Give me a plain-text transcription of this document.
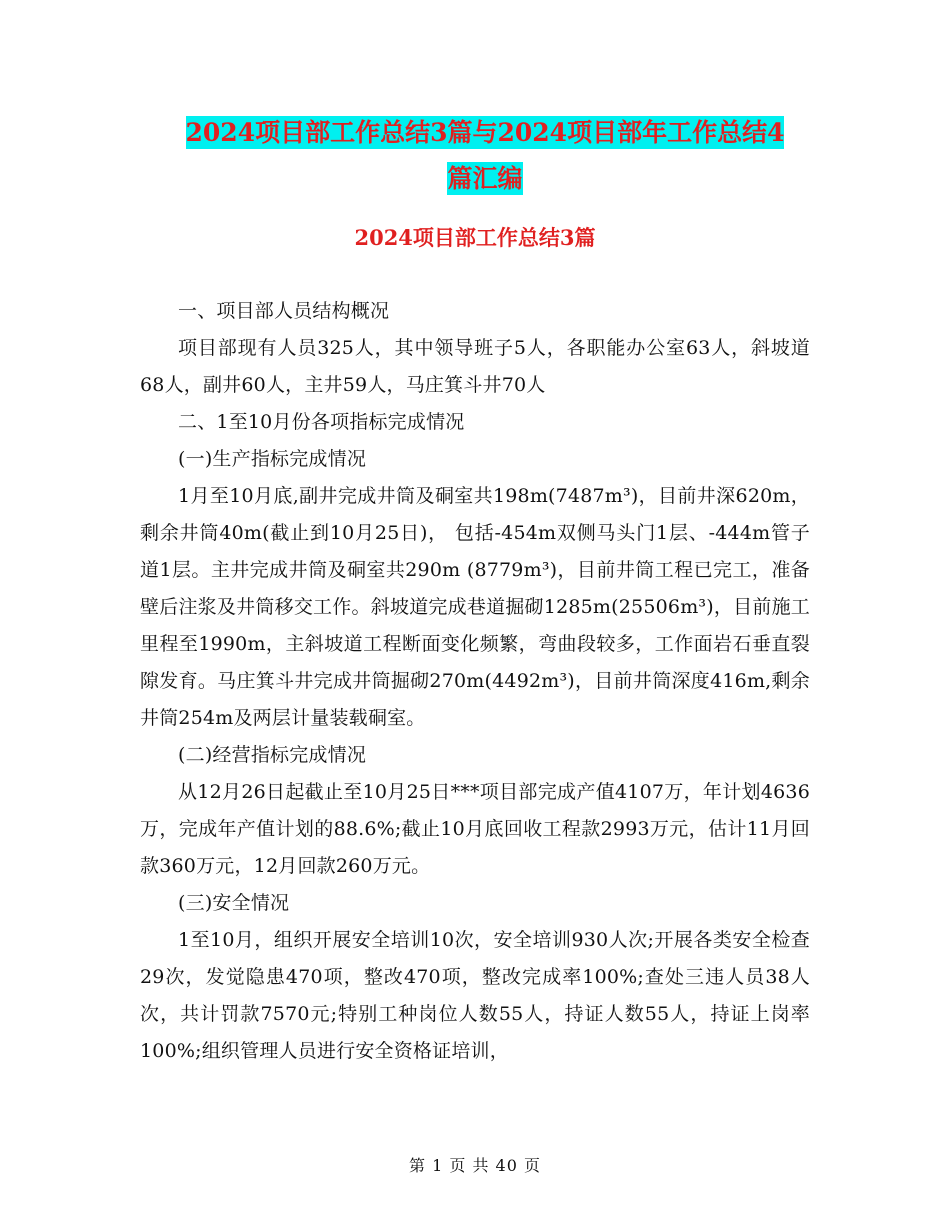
2024项目部工作总结3篇与2024项目部年工作总结4
篇汇编
2024项目部工作总结3篇

一、项目部人员结构概况

项目部现有人员325人，其中领导班子5人，各职能办公室63人，斜坡道68人，副井60人，主井59人，马庄箕斗井70人

二、1至10月份各项指标完成情况

(一)生产指标完成情况

1月至10月底,副井完成井筒及硐室共198m(7487m³)，目前井深620m，剩余井筒40m(截止到10月25日)， 包括-454m双侧马头门1层、-444m管子道1层。主井完成井筒及硐室共290m (8779m³)，目前井筒工程已完工，准备壁后注浆及井筒移交工作。斜坡道完成巷道掘砌1285m(25506m³)，目前施工里程至1990m，主斜坡道工程断面变化频繁，弯曲段较多，工作面岩石垂直裂隙发育。马庄箕斗井完成井筒掘砌270m(4492m³)，目前井筒深度416m,剩余井筒254m及两层计量装载硐室。

(二)经营指标完成情况

从12月26日起截止至10月25日***项目部完成产值4107万，年计划4636万，完成年产值计划的88.6%;截止10月底回收工程款2993万元，估计11月回款360万元，12月回款260万元。

(三)安全情况

1至10月，组织开展安全培训10次，安全培训930人次;开展各类安全检查29次，发觉隐患470项，整改470项，整改完成率100%;查处三违人员38人次，共计罚款7570元;特别工种岗位人数55人，持证人数55人，持证上岗率100%;组织管理人员进行安全资格证培训，

第 1 页 共 40 页
